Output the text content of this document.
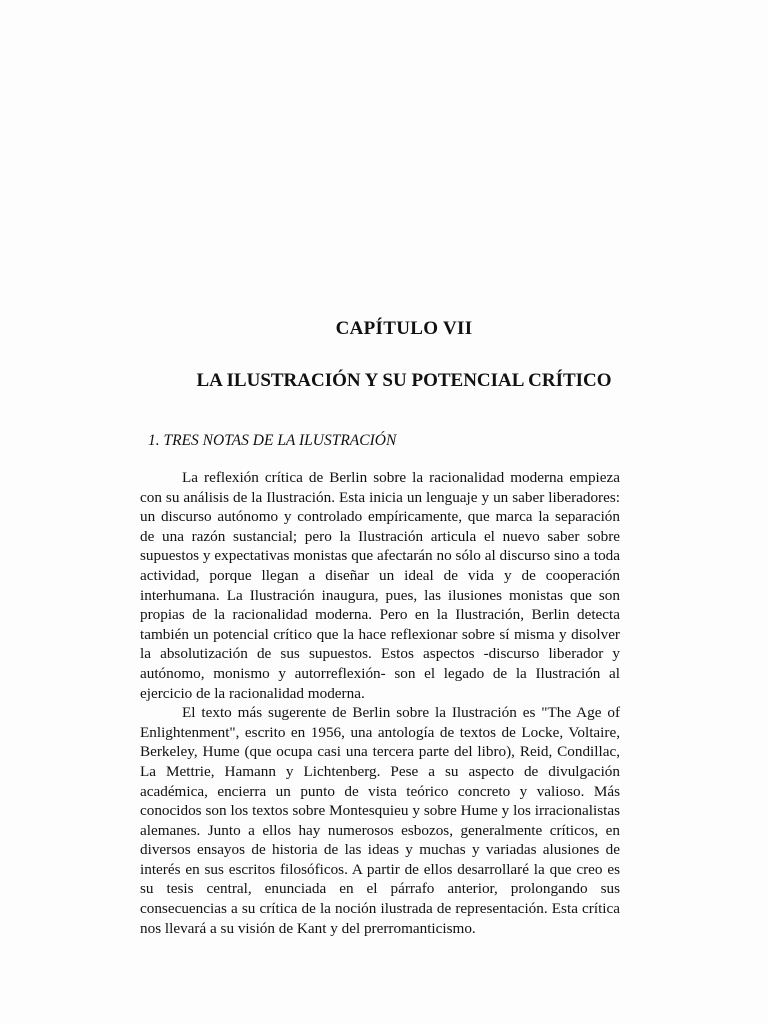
CAPÍTULO VII
LA ILUSTRACIÓN Y SU POTENCIAL CRÍTICO
1. TRES NOTAS DE LA ILUSTRACIÓN

La reflexión crítica de Berlin sobre la racionalidad moderna empieza con su análisis de la Ilustración. Esta inicia un lenguaje y un saber liberadores: un discurso autónomo y controlado empíricamente, que marca la separación de una razón sustancial; pero la Ilustración articula el nuevo saber sobre supuestos y expectativas monistas que afectarán no sólo al discurso sino a toda actividad, porque llegan a diseñar un ideal de vida y de cooperación interhumana. La Ilustración inaugura, pues, las ilusiones monistas que son propias de la racionalidad moderna. Pero en la Ilustración, Berlin detecta también un potencial crítico que la hace reflexionar sobre sí misma y disolver la absolutización de sus supuestos. Estos aspectos -discurso liberador y autónomo, monismo y autorreflexión- son el legado de la Ilustración al ejercicio de la racionalidad moderna.

El texto más sugerente de Berlin sobre la Ilustración es "The Age of Enlightenment", escrito en 1956, una antología de textos de Locke, Voltaire, Berkeley, Hume (que ocupa casi una tercera parte del libro), Reid, Condillac, La Mettrie, Hamann y Lichtenberg. Pese a su aspecto de divulgación académica, encierra un punto de vista teórico concreto y valioso. Más conocidos son los textos sobre Montesquieu y sobre Hume y los irracionalistas alemanes. Junto a ellos hay numerosos esbozos, generalmente críticos, en diversos ensayos de historia de las ideas y muchas y variadas alusiones de interés en sus escritos filosóficos. A partir de ellos desarrollaré la que creo es su tesis central, enunciada en el párrafo anterior, prolongando sus consecuencias a su crítica de la noción ilustrada de representación. Esta crítica nos llevará a su visión de Kant y del prerromanticismo.
